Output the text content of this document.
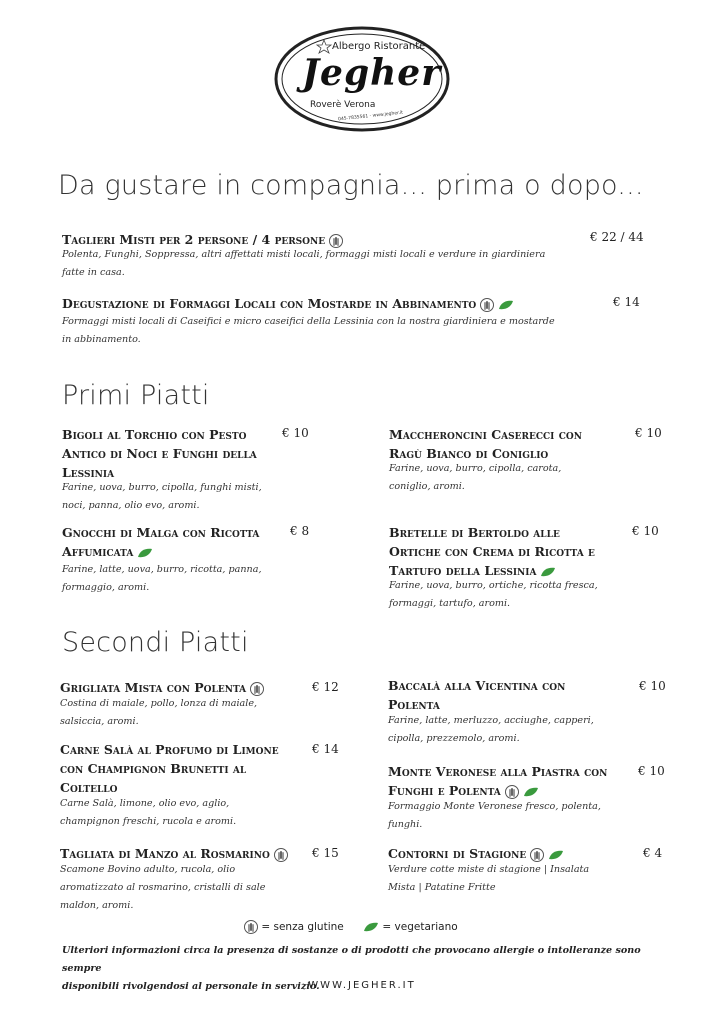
Albergo Ristorante
Jegher
Roverè Verona
045-7835561 - www.jegher.it
Da gustare in compagnia... prima o dopo...
Taglieri Misti per 2 persone / 4 persone
Polenta, Funghi, Soppressa, altri affettati misti locali, formaggi misti locali e verdure in giardiniera
fatte in casa.
€ 22 / 44
Degustazione di Formaggi Locali con Mostarde in Abbinamento
Formaggi misti locali di Caseifici e micro caseifici della Lessinia con la nostra giardiniera e mostarde
in abbinamento.
€ 14
Primi Piatti
Bigoli al Torchio con Pesto
Antico di Noci e Funghi della
Lessinia
Farine, uova, burro, cipolla, funghi misti,
noci, panna, olio evo, aromi.
€ 10	Maccheroncini Caserecci con
Ragù Bianco di Coniglio
Farine, uova, burro, cipolla, carota,
coniglio, aromi.
€ 10
Gnocchi di Malga con Ricotta
Affumicata
Farine, latte, uova, burro, ricotta, panna,
formaggio, aromi.
€ 8	Bretelle di Bertoldo alle
Ortiche con Crema di Ricotta e
Tartufo della Lessinia
Farine, uova, burro, ortiche, ricotta fresca,
formaggi, tartufo, aromi.
€ 10
Secondi Piatti
Grigliata Mista con Polenta
Costina di maiale, pollo, lonza di maiale,
salsiccia, aromi.
€ 12	Baccalà alla Vicentina con
Polenta
Farine, latte, merluzzo, acciughe, capperi,
cipolla, prezzemolo, aromi.
€ 10
Carne Salà al Profumo di Limone
con Champignon Brunetti al
Coltello
Carne Salà, limone, olio evo, aglio,
champignon freschi, rucola e aromi.
€ 14
Monte Veronese alla Piastra con
Funghi e Polenta
Formaggio Monte Veronese fresco, polenta,
funghi.
€ 10
Tagliata di Manzo al Rosmarino
Scamone Bovino adulto, rucola, olio
aromatizzato al rosmarino, cristalli di sale
maldon, aromi.
€ 15	Contorni di Stagione
Verdure cotte miste di stagione | Insalata
Mista | Patatine Fritte
€ 4
= senza glutine	= vegetariano
Ulteriori informazioni circa la presenza di sostanze o di prodotti che provocano allergie o intolleranze sono sempre
disponibili rivolgendosi al personale in servizio.
WWW.JEGHER.IT
